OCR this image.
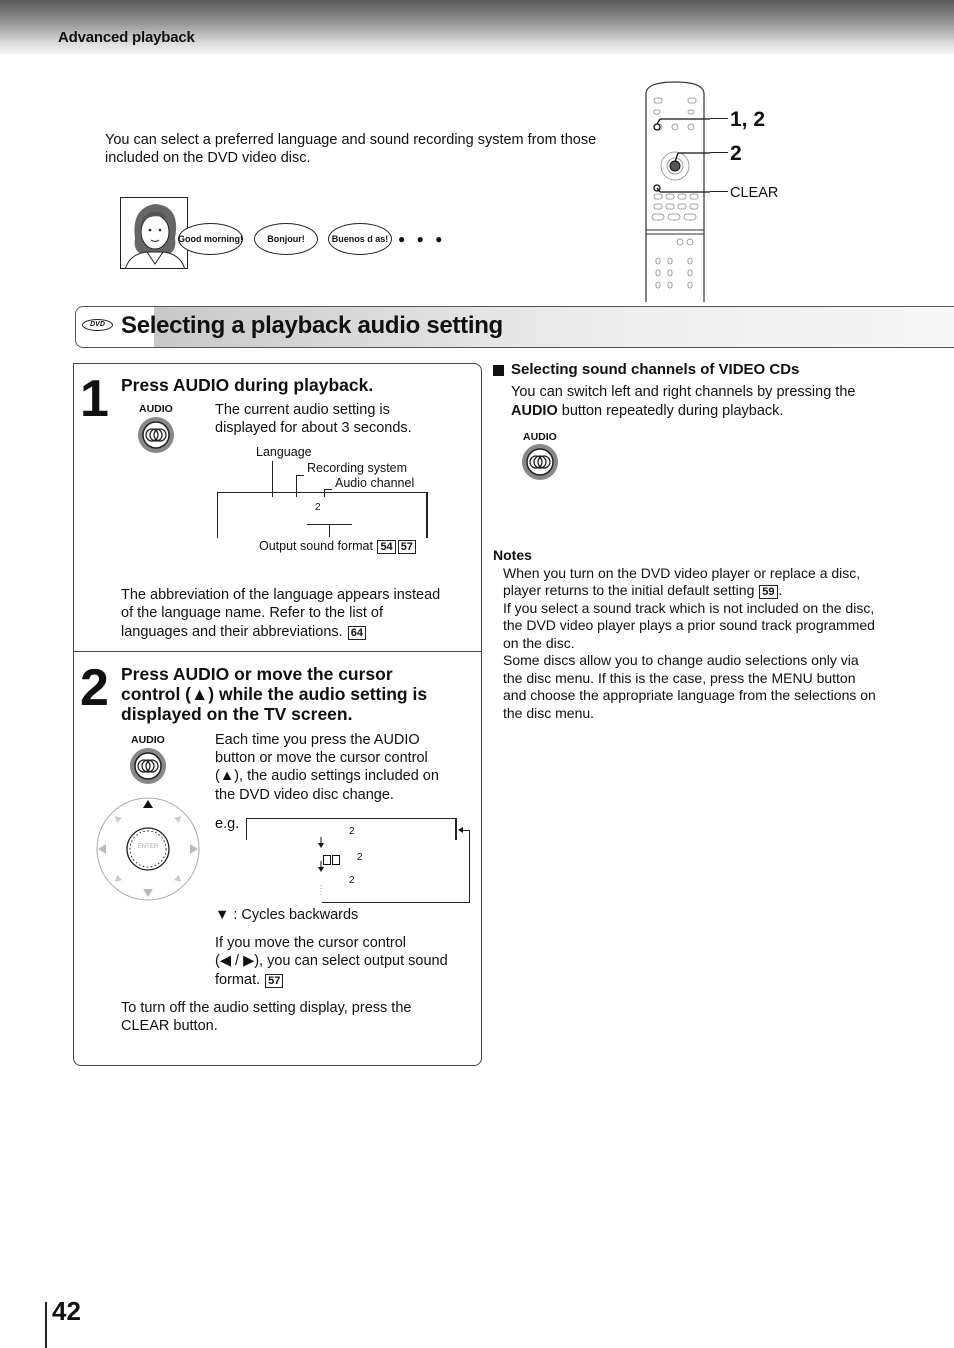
Advanced playback
You can select a preferred language and sound recording system from those included on the DVD video disc.
Good morning!	Bonjour!	Buenos d as! ● ● ●
1, 2
2
CLEAR
DVD Selecting a playback audio setting
1 Press AUDIO during playback.
AUDIO	The current audio setting is
displayed for about 3 seconds.
Language
Recording system
Audio channel
2
Output sound format 54 57
The abbreviation of the language appears instead
of the language name. Refer to the list of
languages and their abbreviations. 64
2 Press AUDIO or move the cursor
control (▲) while the audio setting is
displayed on the TV screen.
AUDIO
ENTER
Each time you press the AUDIO
button or move the cursor control
(▲), the audio settings included on
the DVD video disc change.
e.g.	2
2
2
▼ : Cycles backwards
If you move the cursor control
(◀ / ▶), you can select output sound
format. 57
To turn off the audio setting display, press the
CLEAR button.
Selecting sound channels of VIDEO CDs
You can switch left and right channels by pressing the
AUDIO button repeatedly during playback.
AUDIO
Notes
When you turn on the DVD video player or replace a disc,
player returns to the initial default setting 59 .
If you select a sound track which is not included on the disc,
the DVD video player plays a prior sound track programmed
on the disc.
Some discs allow you to change audio selections only via
the disc menu. If this is the case, press the MENU button
and choose the appropriate language from the selections on
the disc menu.
42
